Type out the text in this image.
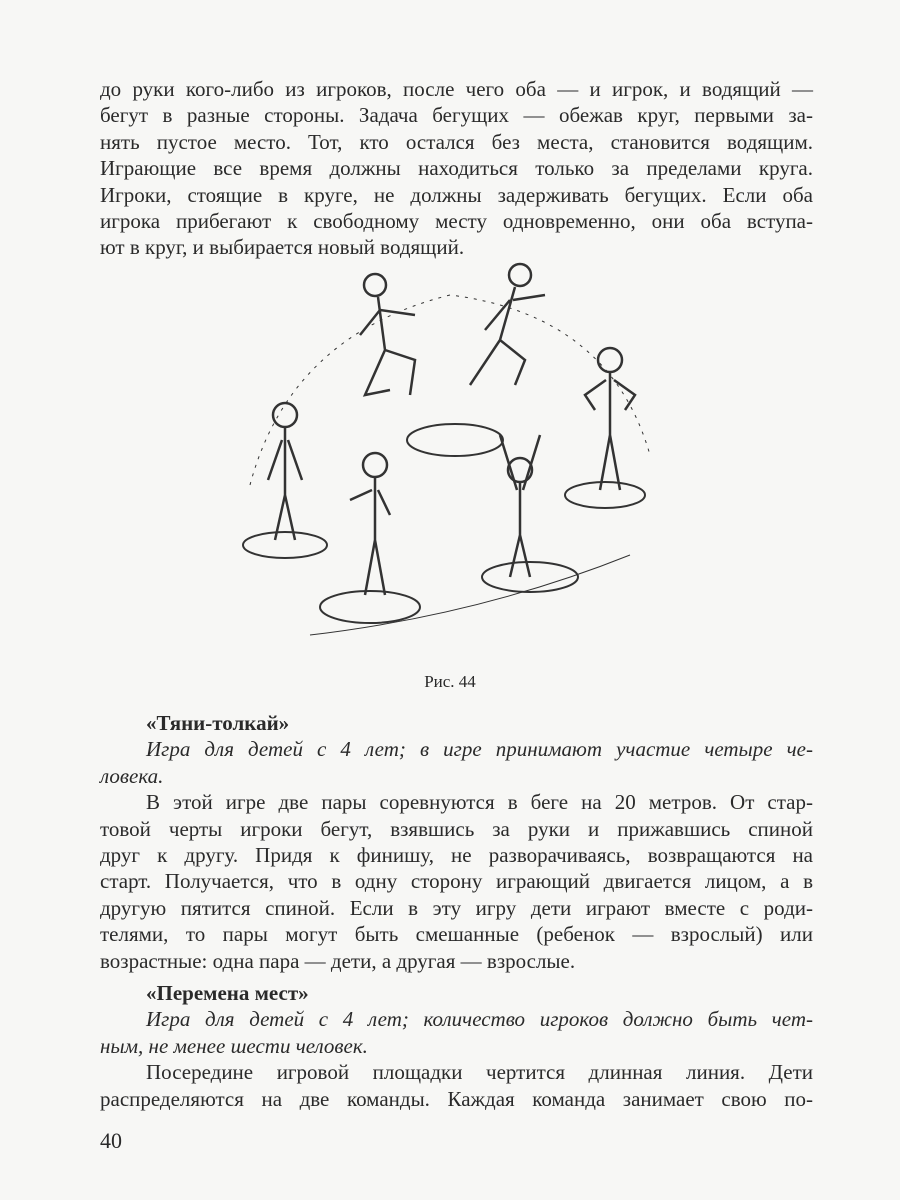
до руки кого-либо из игроков, после чего оба — и игрок, и водящий —
бегут в разные стороны. Задача бегущих — обежав круг, первыми за-
нять пустое место. Тот, кто остался без места, становится водящим.
Играющие все время должны находиться только за пределами круга.
Игроки, стоящие в круге, не должны задерживать бегущих. Если оба
игрока прибегают к свободному месту одновременно, они оба вступа-
ют в круг, и выбирается новый водящий.
Рис. 44
«Тяни-толкай»
Игра для детей с 4 лет; в игре принимают участие четыре че-
ловека.
В этой игре две пары соревнуются в беге на 20 метров. От стар-
товой черты игроки бегут, взявшись за руки и прижавшись спиной
друг к другу. Придя к финишу, не разворачиваясь, возвращаются на
старт. Получается, что в одну сторону играющий двигается лицом, а в
другую пятится спиной. Если в эту игру дети играют вместе с роди-
телями, то пары могут быть смешанные (ребенок — взрослый) или
возрастные: одна пара — дети, а другая — взрослые.
«Перемена мест»
Игра для детей с 4 лет; количество игроков должно быть чет-
ным, не менее шести человек.
Посередине игровой площадки чертится длинная линия. Дети
распределяются на две команды. Каждая команда занимает свою по-
40
